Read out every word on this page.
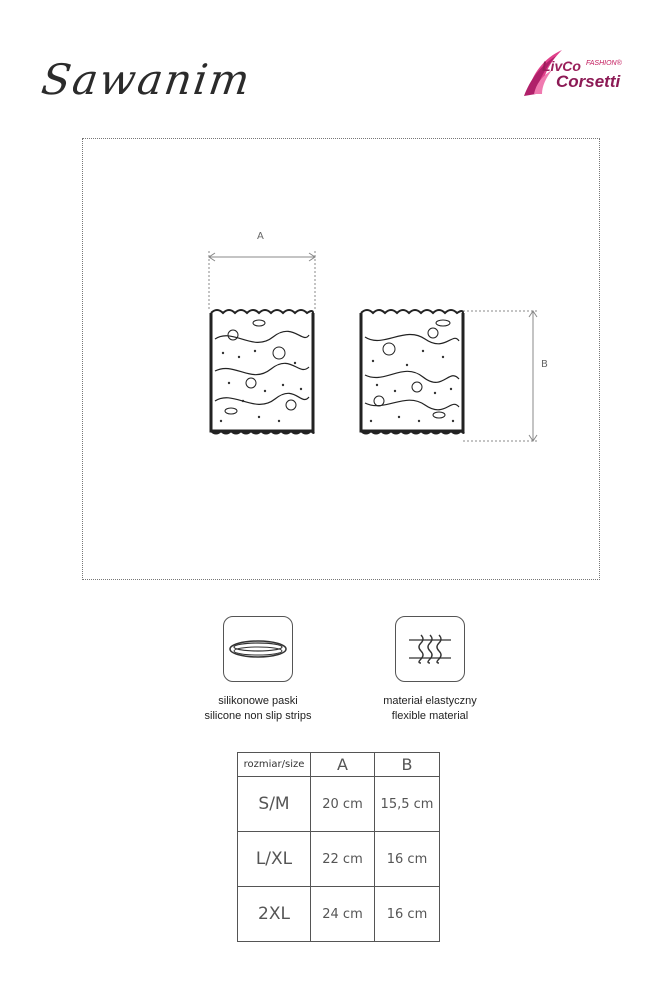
Sawanim	LivCo FASHION®
Corsetti
A
B
silikonowe paski
silicone non slip strips
materiał elastyczny
flexible material
rozmiar/size	A	B
S/M	20 cm	15,5 cm
L/XL	22 cm	16 cm
2XL	24 cm	16 cm
